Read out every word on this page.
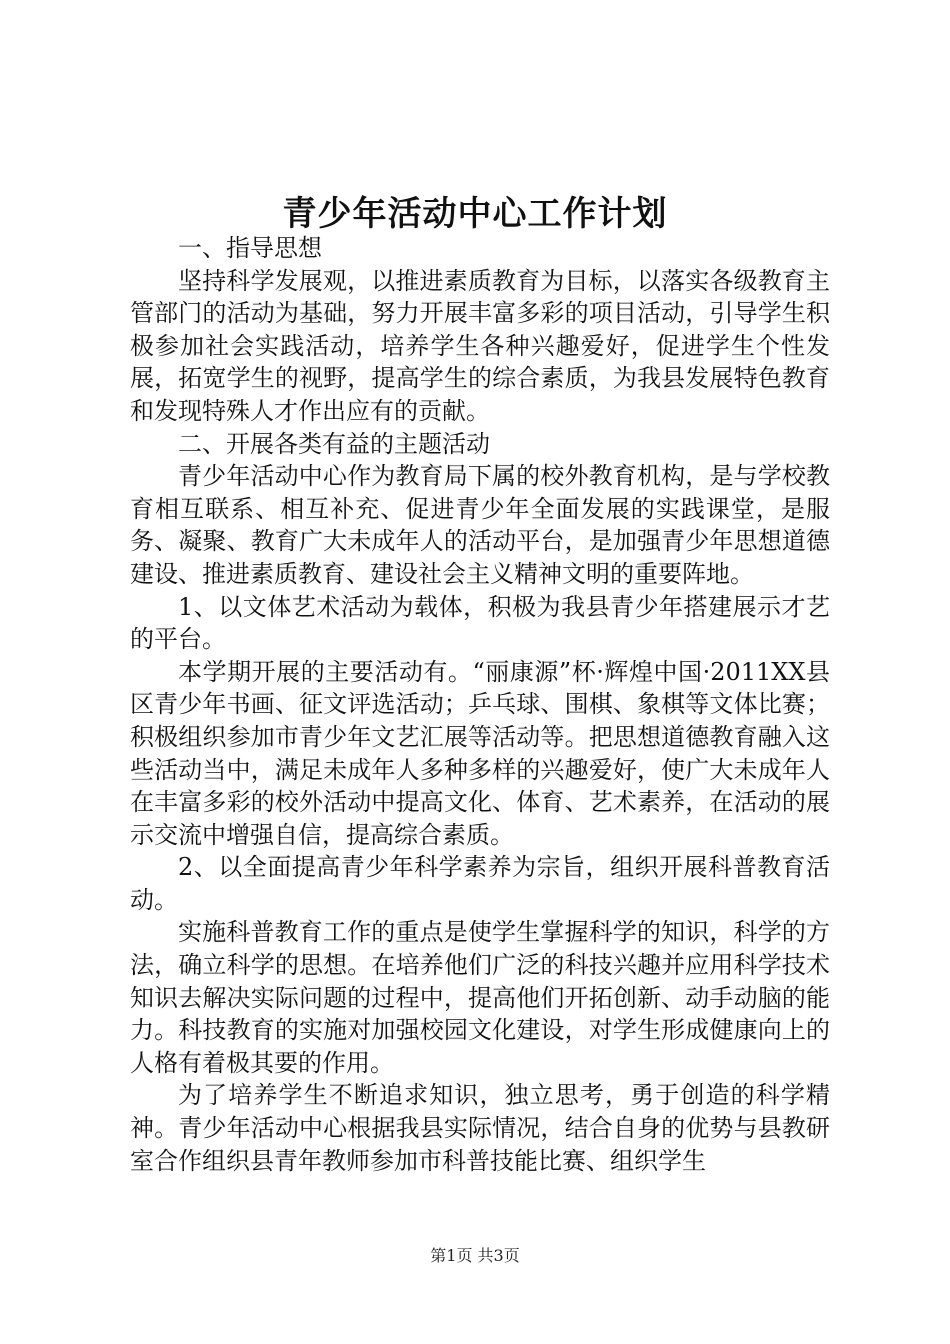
青少年活动中心工作计划

一、指导思想

坚持科学发展观，以推进素质教育为目标，以落实各级教育主管部门的活动为基础，努力开展丰富多彩的项目活动，引导学生积极参加社会实践活动，培养学生各种兴趣爱好，促进学生个性发展，拓宽学生的视野，提高学生的综合素质，为我县发展特色教育和发现特殊人才作出应有的贡献。

二、开展各类有益的主题活动

青少年活动中心作为教育局下属的校外教育机构，是与学校教育相互联系、相互补充、促进青少年全面发展的实践课堂，是服务、凝聚、教育广大未成年人的活动平台，是加强青少年思想道德建设、推进素质教育、建设社会主义精神文明的重要阵地。

1、以文体艺术活动为载体，积极为我县青少年搭建展示才艺的平台。

本学期开展的主要活动有。“丽康源”杯·辉煌中国·2011XX县区青少年书画、征文评选活动；乒乓球、围棋、象棋等文体比赛；积极组织参加市青少年文艺汇展等活动等。把思想道德教育融入这些活动当中，满足未成年人多种多样的兴趣爱好，使广大未成年人在丰富多彩的校外活动中提高文化、体育、艺术素养，在活动的展示交流中增强自信，提高综合素质。

2、以全面提高青少年科学素养为宗旨，组织开展科普教育活动。

实施科普教育工作的重点是使学生掌握科学的知识，科学的方法，确立科学的思想。在培养他们广泛的科技兴趣并应用科学技术知识去解决实际问题的过程中，提高他们开拓创新、动手动脑的能力。科技教育的实施对加强校园文化建设，对学生形成健康向上的人格有着极其要的作用。

为了培养学生不断追求知识，独立思考，勇于创造的科学精神。青少年活动中心根据我县实际情况，结合自身的优势与县教研室合作组织县青年教师参加市科普技能比赛、组织学生

第1页 共3页
